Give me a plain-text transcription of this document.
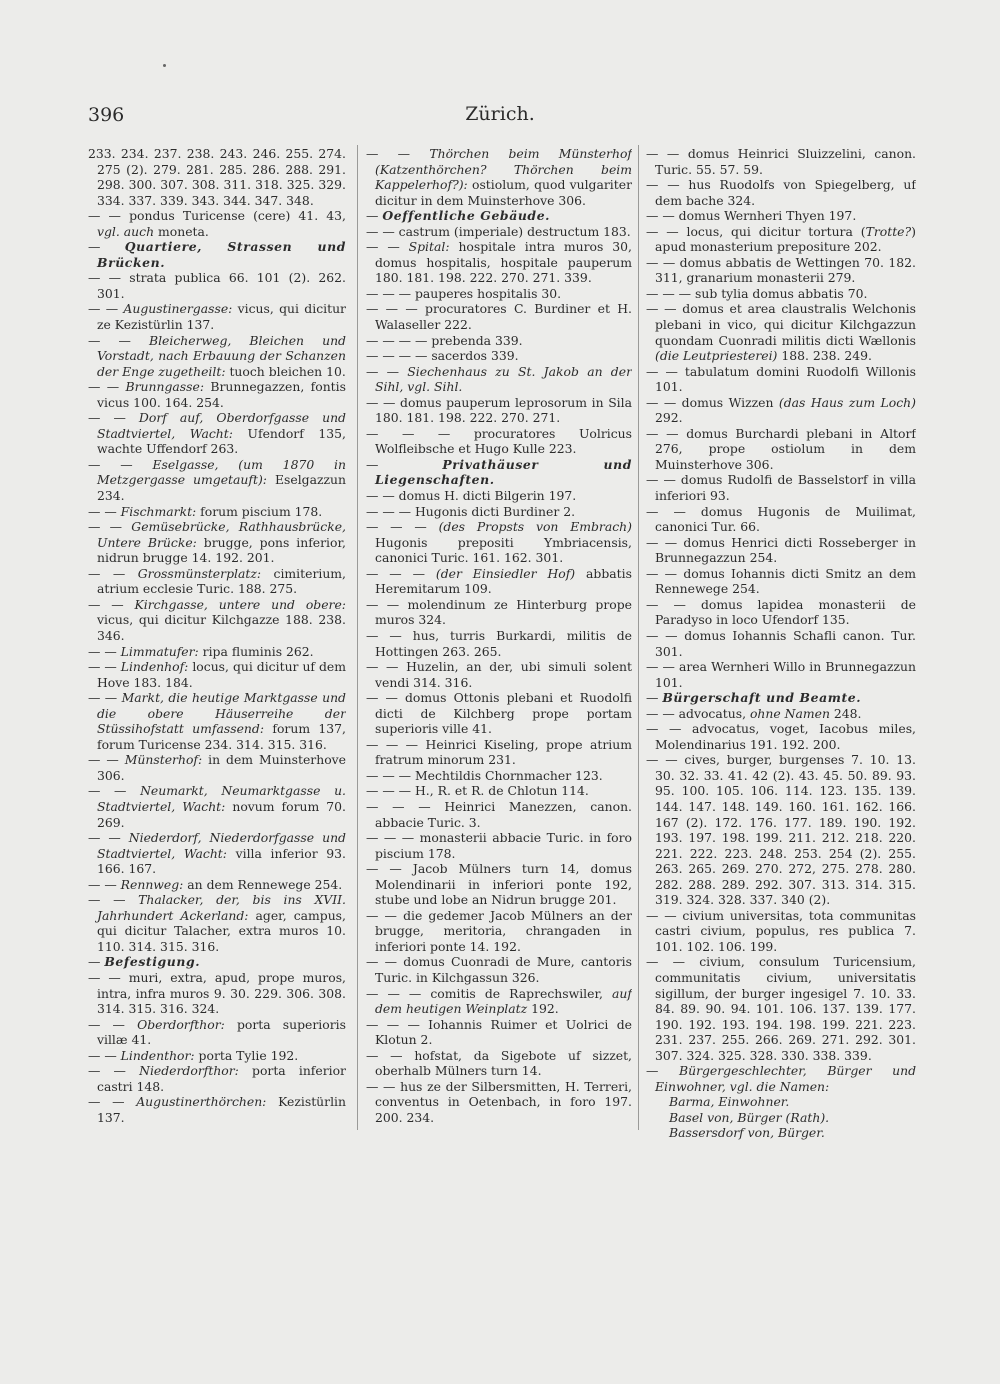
396	Zürich.

233. 234. 237. 238. 243. 246. 255. 274. 275 (2). 279. 281. 285. 286. 288. 291. 298. 300. 307. 308. 311. 318. 325. 329. 334. 337. 339. 343. 344. 347. 348.

— — pondus Turicense (cere) 41. 43, vgl. auch moneta.

— Quartiere, Strassen und Brücken.

— — strata publica 66. 101 (2). 262. 301.

— — Augustinergasse: vicus, qui dicitur ze Kezistürlin 137.

— — Bleicherweg, Bleichen und Vorstadt, nach Erbauung der Schanzen der Enge zugetheilt: tuoch bleichen 10.

— — Brunngasse: Brunnegazzen, fontis vicus 100. 164. 254.

— — Dorf auf, Oberdorfgasse und Stadtviertel, Wacht: Ufendorf 135, wachte Uffendorf 263.

— — Eselgasse, (um 1870 in Metzgergasse umgetauft): Eselgazzun 234.

— — Fischmarkt: forum piscium 178.

— — Gemüsebrücke, Rathhausbrücke, Untere Brücke: brugge, pons inferior, nidrun brugge 14. 192. 201.

— — Grossmünsterplatz: cimiterium, atrium ecclesie Turic. 188. 275.

— — Kirchgasse, untere und obere: vicus, qui dicitur Kilchgazze 188. 238. 346.

— — Limmatufer: ripa fluminis 262.

— — Lindenhof: locus, qui dicitur uf dem Hove 183. 184.

— — Markt, die heutige Marktgasse und die obere Häuserreihe der Stüssihofstatt umfassend: forum 137, forum Turicense 234. 314. 315. 316.

— — Münsterhof: in dem Muinsterhove 306.

— — Neumarkt, Neumarktgasse u. Stadtviertel, Wacht: novum forum 70. 269.

— — Niederdorf, Niederdorfgasse und Stadtviertel, Wacht: villa inferior 93. 166. 167.

— — Rennweg: an dem Rennewege 254.

— — Thalacker, der, bis ins XVII. Jahrhundert Ackerland: ager, campus, qui dicitur Talacher, extra muros 10. 110. 314. 315. 316.

— Befestigung.

— — muri, extra, apud, prope muros, intra, infra muros 9. 30. 229. 306. 308. 314. 315. 316. 324.

— — Oberdorfthor: porta superioris villæ 41.

— — Lindenthor: porta Tylie 192.

— — Niederdorfthor: porta inferior castri 148.

— — Augustinerthörchen: Kezistürlin 137.

— — Thörchen beim Münsterhof (Katzenthörchen? Thörchen beim Kappelerhof?): ostiolum, quod vulgariter dicitur in dem Muinsterhove 306.

— Oeffentliche Gebäude.

— — castrum (imperiale) destructum 183.

— — Spital: hospitale intra muros 30, domus hospitalis, hospitale pauperum 180. 181. 198. 222. 270. 271. 339.

— — — pauperes hospitalis 30.

— — — procuratores C. Burdiner et H. Walaseller 222.

— — — — prebenda 339.

— — — — sacerdos 339.

— — Siechenhaus zu St. Jakob an der Sihl, vgl. Sihl.

— — domus pauperum leprosorum in Sila 180. 181. 198. 222. 270. 271.

— — — procuratores Uolricus Wolfleibsche et Hugo Kulle 223.

— Privathäuser und Liegenschaften.

— — domus H. dicti Bilgerin 197.

— — — Hugonis dicti Burdiner 2.

— — — (des Propsts von Embrach) Hugonis prepositi Ymbriacensis, canonici Turic. 161. 162. 301.

— — — (der Einsiedler Hof) abbatis Heremitarum 109.

— — molendinum ze Hinterburg prope muros 324.

— — hus, turris Burkardi, militis de Hottingen 263. 265.

— — Huzelin, an der, ubi simuli solent vendi 314. 316.

— — domus Ottonis plebani et Ruodolfi dicti de Kilchberg prope portam superioris ville 41.

— — — Heinrici Kiseling, prope atrium fratrum minorum 231.

— — — Mechtildis Chornmacher 123.

— — — H., R. et R. de Chlotun 114.

— — — Heinrici Manezzen, canon. abbacie Turic. 3.

— — — monasterii abbacie Turic. in foro piscium 178.

— — Jacob Mülners turn 14, domus Molendinarii in inferiori ponte 192, stube und lobe an Nidrun brugge 201.

— — die gedemer Jacob Mülners an der brugge, meritoria, chrangaden in inferiori ponte 14. 192.

— — domus Cuonradi de Mure, cantoris Turic. in Kilchgassun 326.

— — — comitis de Raprechswiler, auf dem heutigen Weinplatz 192.

— — — Iohannis Ruimer et Uolrici de Klotun 2.

— — hofstat, da Sigebote uf sizzet, oberhalb Mülners turn 14.

— — hus ze der Silbersmitten, H. Terreri, conventus in Oetenbach, in foro 197. 200. 234.

— — domus Heinrici Sluizzelini, canon. Turic. 55. 57. 59.

— — hus Ruodolfs von Spiegelberg, uf dem bache 324.

— — domus Wernheri Thyen 197.

— — locus, qui dicitur tortura (Trotte?) apud monasterium prepositure 202.

— — domus abbatis de Wettingen 70. 182. 311, granarium monasterii 279.

— — — sub tylia domus abbatis 70.

— — domus et area claustralis Welchonis plebani in vico, qui dicitur Kilchgazzun quondam Cuonradi militis dicti Wællonis (die Leutpriesterei) 188. 238. 249.

— — tabulatum domini Ruodolfi Willonis 101.

— — domus Wizzen (das Haus zum Loch) 292.

— — domus Burchardi plebani in Altorf 276, prope ostiolum in dem Muinsterhove 306.

— — domus Rudolfi de Basselstorf in villa inferiori 93.

— — domus Hugonis de Muilimat, canonici Tur. 66.

— — domus Henrici dicti Rosseberger in Brunnegazzun 254.

— — domus Iohannis dicti Smitz an dem Rennewege 254.

— — domus lapidea monasterii de Paradyso in loco Ufendorf 135.

— — domus Iohannis Schafli canon. Tur. 301.

— — area Wernheri Willo in Brunnegazzun 101.

— Bürgerschaft und Beamte.

— — advocatus, ohne Namen 248.

— — advocatus, voget, Iacobus miles, Molendinarius 191. 192. 200.

— — cives, burger, burgenses 7. 10. 13. 30. 32. 33. 41. 42 (2). 43. 45. 50. 89. 93. 95. 100. 105. 106. 114. 123. 135. 139. 144. 147. 148. 149. 160. 161. 162. 166. 167 (2). 172. 176. 177. 189. 190. 192. 193. 197. 198. 199. 211. 212. 218. 220. 221. 222. 223. 248. 253. 254 (2). 255. 263. 265. 269. 270. 272, 275. 278. 280. 282. 288. 289. 292. 307. 313. 314. 315. 319. 324. 328. 337. 340 (2).

— — civium universitas, tota communitas castri civium, populus, res publica 7. 101. 102. 106. 199.

— — civium, consulum Turicensium, communitatis civium, universitatis sigillum, der burger ingesigel 7. 10. 33. 84. 89. 90. 94. 101. 106. 137. 139. 177. 190. 192. 193. 194. 198. 199. 221. 223. 231. 237. 255. 266. 269. 271. 292. 301. 307. 324. 325. 328. 330. 338. 339.

— Bürgergeschlechter, Bürger und Einwohner, vgl. die Namen:

Barma, Einwohner.

Basel von, Bürger (Rath).

Bassersdorf von, Bürger.
